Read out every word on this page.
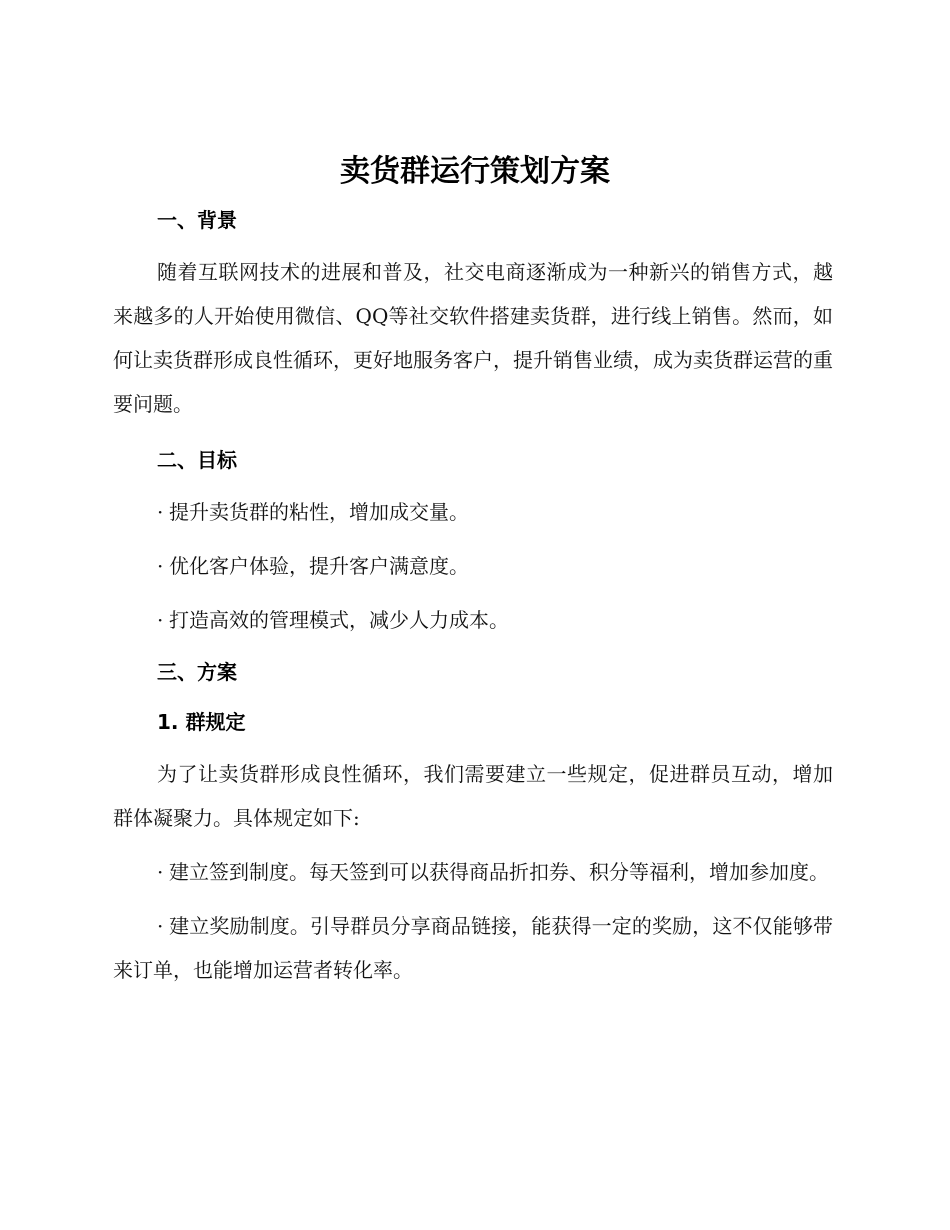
卖货群运行策划方案
一、背景

随着互联网技术的进展和普及，社交电商逐渐成为一种新兴的销售方式，越来越多的人开始使用微信、QQ等社交软件搭建卖货群，进行线上销售。然而，如何让卖货群形成良性循环，更好地服务客户，提升销售业绩，成为卖货群运营的重要问题。

二、目标

· 提升卖货群的粘性，增加成交量。

· 优化客户体验，提升客户满意度。

· 打造高效的管理模式，减少人力成本。

三、方案
1. 群规定

为了让卖货群形成良性循环，我们需要建立一些规定，促进群员互动，增加群体凝聚力。具体规定如下:

· 建立签到制度。每天签到可以获得商品折扣券、积分等福利，增加参加度。

· 建立奖励制度。引导群员分享商品链接，能获得一定的奖励，这不仅能够带来订单，也能增加运营者转化率。
